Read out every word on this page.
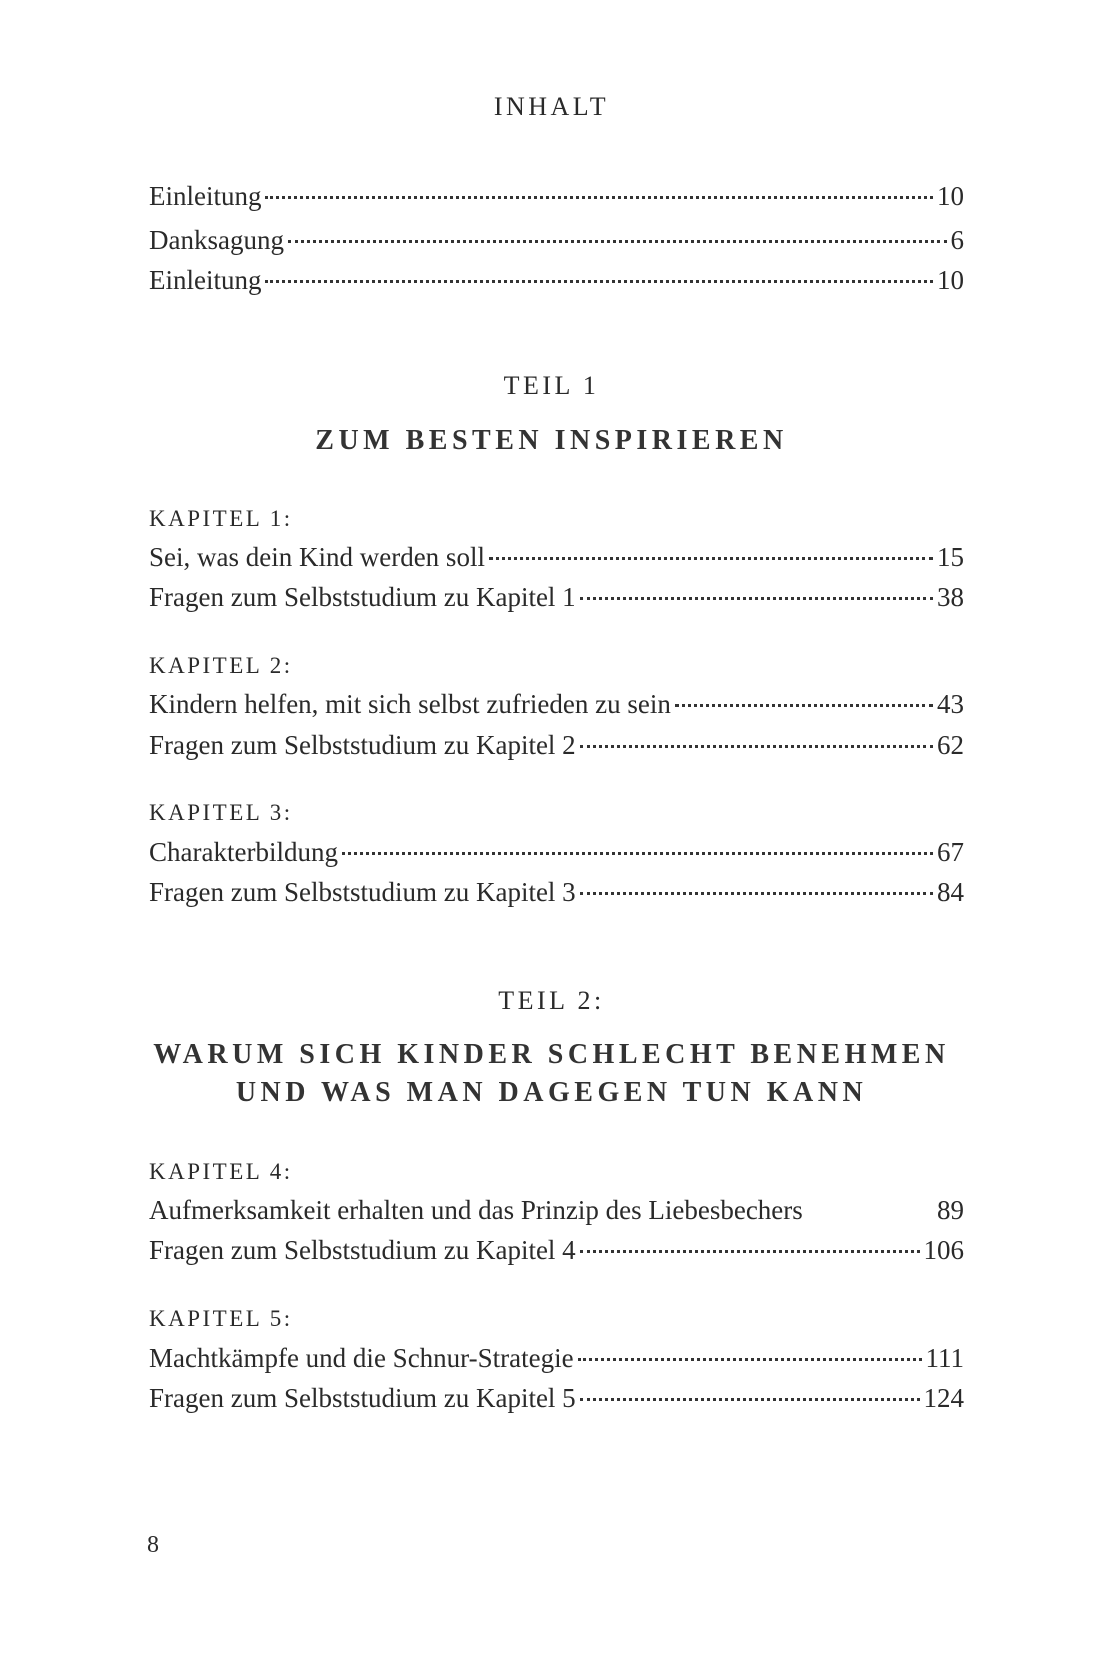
INHALT
Einleitung	10
Danksagung	6
Einleitung	10
TEIL 1
ZUM BESTEN INSPIRIEREN
KAPITEL 1:
Sei, was dein Kind werden soll	15
Fragen zum Selbststudium zu Kapitel 1	38
KAPITEL 2:
Kindern helfen, mit sich selbst zufrieden zu sein	43
Fragen zum Selbststudium zu Kapitel 2	62
KAPITEL 3:
Charakterbildung	67
Fragen zum Selbststudium zu Kapitel 3	84
TEIL 2:
WARUM SICH KINDER SCHLECHT BENEHMEN
UND WAS MAN DAGEGEN TUN KANN
KAPITEL 4:
Aufmerksamkeit erhalten und das Prinzip des Liebesbechers	89
Fragen zum Selbststudium zu Kapitel 4	106
KAPITEL 5:
Machtkämpfe und die Schnur-Strategie	111
Fragen zum Selbststudium zu Kapitel 5	124
8
